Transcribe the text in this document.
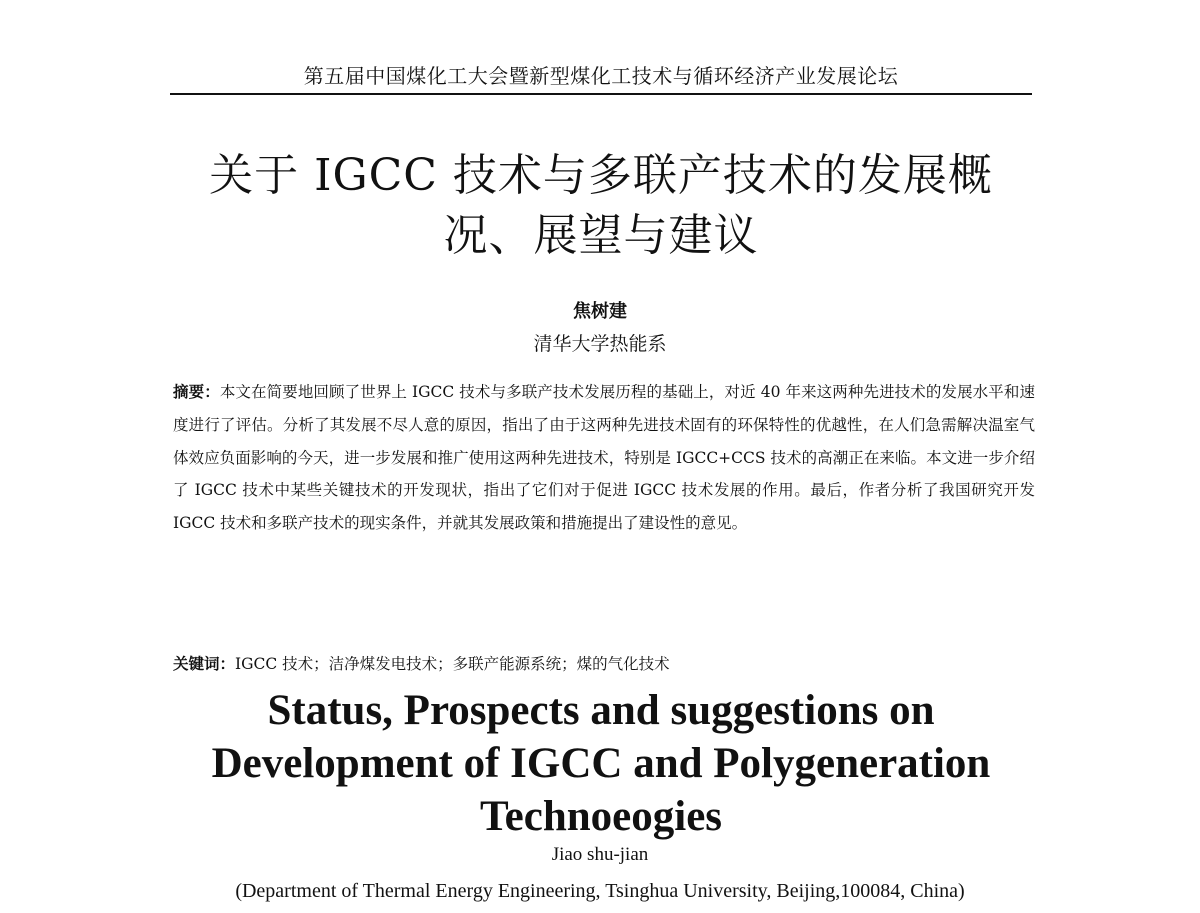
第五届中国煤化工大会暨新型煤化工技术与循环经济产业发展论坛
关于 IGCC 技术与多联产技术的发展概
况、展望与建议
焦树建
清华大学热能系
摘要：本文在简要地回顾了世界上 IGCC 技术与多联产技术发展历程的基础上，对近 40 年来这两种先进技术的发展水平和速度进行了评估。分析了其发展不尽人意的原因，指出了由于这两种先进技术固有的环保特性的优越性，在人们急需解决温室气体效应负面影响的今天，进一步发展和推广使用这两种先进技术，特别是 IGCC+CCS 技术的高潮正在来临。本文进一步介绍了 IGCC 技术中某些关键技术的开发现状，指出了它们对于促进 IGCC 技术发展的作用。最后，作者分析了我国研究开发 IGCC 技术和多联产技术的现实条件，并就其发展政策和措施提出了建设性的意见。
关键词：IGCC 技术；洁净煤发电技术；多联产能源系统；煤的气化技术
Status, Prospects and suggestions on
Development of IGCC and Polygeneration
Technoeogies
Jiao shu-jian
(Department of Thermal Energy Engineering, Tsinghua University, Beijing,100084, China)
